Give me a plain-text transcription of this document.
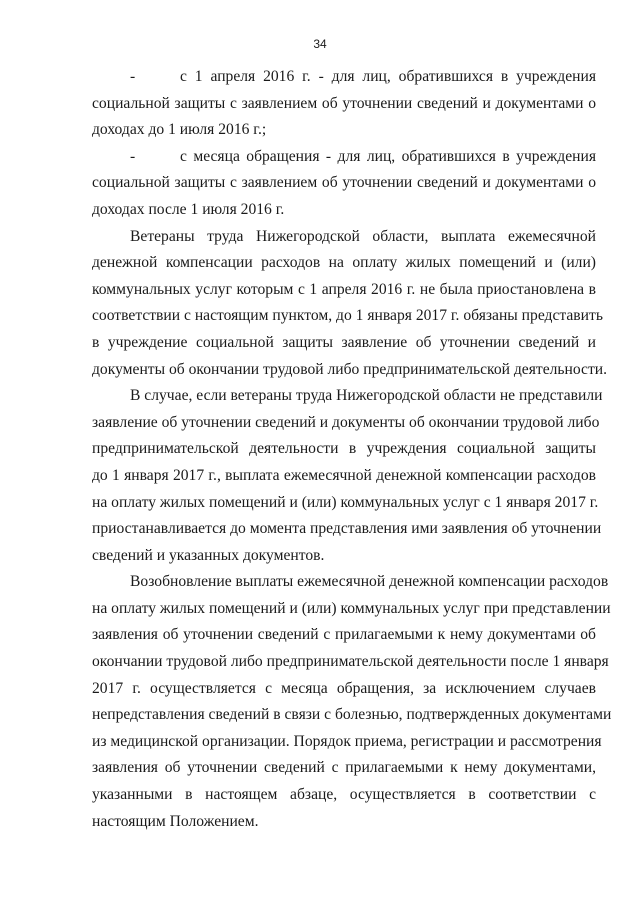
34
-	с 1 апреля 2016 г. - для лиц, обратившихся в учреждения
социальной защиты с заявлением об уточнении сведений и документами о
доходах до 1 июля 2016 г.;
-	с месяца обращения - для лиц, обратившихся в учреждения
социальной защиты с заявлением об уточнении сведений и документами о
доходах после 1 июля 2016 г.
Ветераны труда Нижегородской области, выплата ежемесячной
денежной компенсации расходов на оплату жилых помещений и (или)
коммунальных услуг которым с 1 апреля 2016 г. не была приостановлена в
соответствии с настоящим пунктом, до 1 января 2017 г. обязаны представить
в учреждение социальной защиты заявление об уточнении сведений и
документы об окончании трудовой либо предпринимательской деятельности.
В случае, если ветераны труда Нижегородской области не представили
заявление об уточнении сведений и документы об окончании трудовой либо
предпринимательской деятельности в учреждения социальной защиты
до 1 января 2017 г., выплата ежемесячной денежной компенсации расходов
на оплату жилых помещений и (или) коммунальных услуг с 1 января 2017 г.
приостанавливается до момента представления ими заявления об уточнении
сведений и указанных документов.
Возобновление выплаты ежемесячной денежной компенсации расходов
на оплату жилых помещений и (или) коммунальных услуг при представлении
заявления об уточнении сведений с прилагаемыми к нему документами об
окончании трудовой либо предпринимательской деятельности после 1 января
2017 г. осуществляется с месяца обращения, за исключением случаев
непредставления сведений в связи с болезнью, подтвержденных документами
из медицинской организации. Порядок приема, регистрации и рассмотрения
заявления об уточнении сведений с прилагаемыми к нему документами,
указанными в настоящем абзаце, осуществляется в соответствии с
настоящим Положением.
